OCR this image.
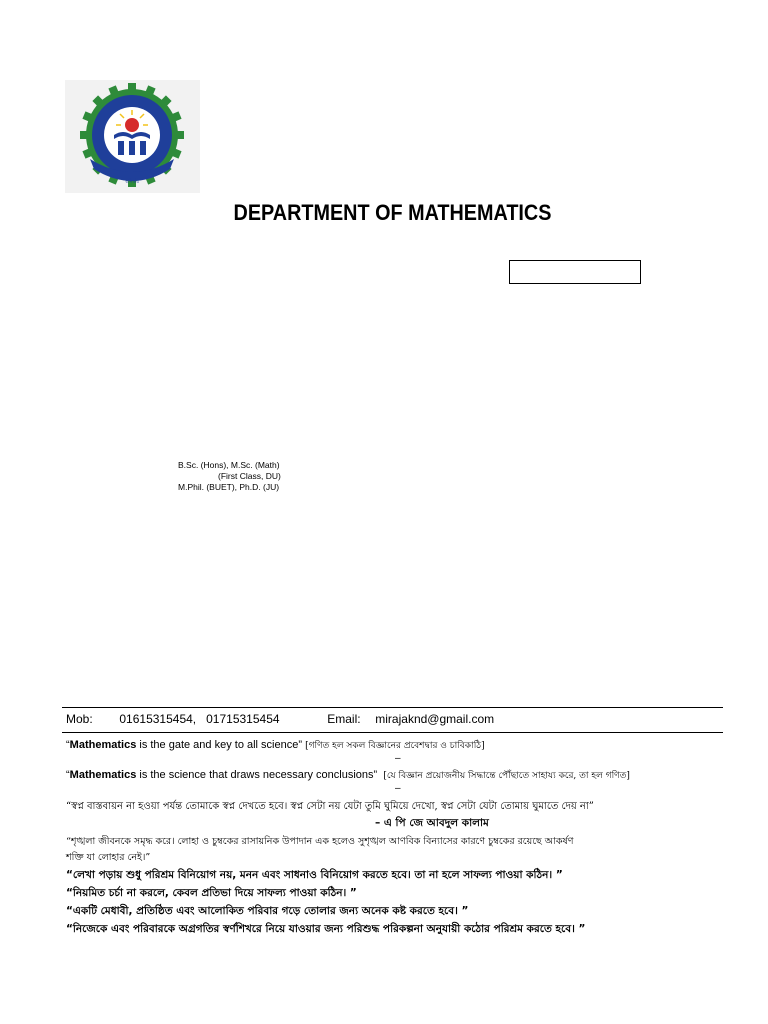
স্বনির্ভর
DEPARTMENT OF MATHEMATICS
B.Sc. (Hons), M.Sc. (Math)
(First Class, DU)
M.Phil. (BUET), Ph.D. (JU)
Mob: 01615315454,   01715315454	Email: mirajaknd@gmail.com
“Mathematics is the gate and key to all science” [গণিত হল সকল বিজ্ঞানের প্রবেশদ্বার ও চাবিকাঠি]
–
“Mathematics is the science that draws necessary conclusions”  [যে বিজ্ঞান প্রয়োজনীয় সিদ্ধান্তে পৌঁছাতে সাহায্য করে, তা হল গণিত]
–
“স্বপ্ন বাস্তবায়ন না হওয়া পর্যন্ত তোমাকে স্বপ্ন দেখতে হবে। স্বপ্ন সেটা নয় যেটা তুমি ঘুমিয়ে দেখো, স্বপ্ন সেটা যেটা তোমায় ঘুমাতে দেয় না”
– এ পি জে আবদুল কালাম
“শৃঙ্খলা জীবনকে সমৃদ্ধ করে। লোহা ও চুম্বকের রাসায়নিক উপাদান এক হলেও সুশৃঙ্খল আণবিক বিন্যাসের কারণে চুম্বকের রয়েছে আকর্ষণ
শক্তি যা লোহার নেই।”
“লেখা পড়ায় শুধু পরিশ্রম বিনিয়োগ নয়, মনন এবং সাধনাও বিনিয়োগ করতে হবে। তা না হলে সাফল্য পাওয়া কঠিন। ”
“নিয়মিত চর্চা না করলে, কেবল প্রতিভা দিয়ে সাফল্য পাওয়া কঠিন। ”
“একটি মেধাবী, প্রতিষ্ঠিত এবং আলোকিত পরিবার গড়ে তোলার জন্য অনেক কষ্ট করতে হবে। ”
“নিজেকে এবং পরিবারকে অগ্রগতির স্বর্ণশিখরে নিয়ে যাওয়ার জন্য পরিশুদ্ধ পরিকল্পনা অনুযায়ী কঠোর পরিশ্রম করতে হবে। ”
